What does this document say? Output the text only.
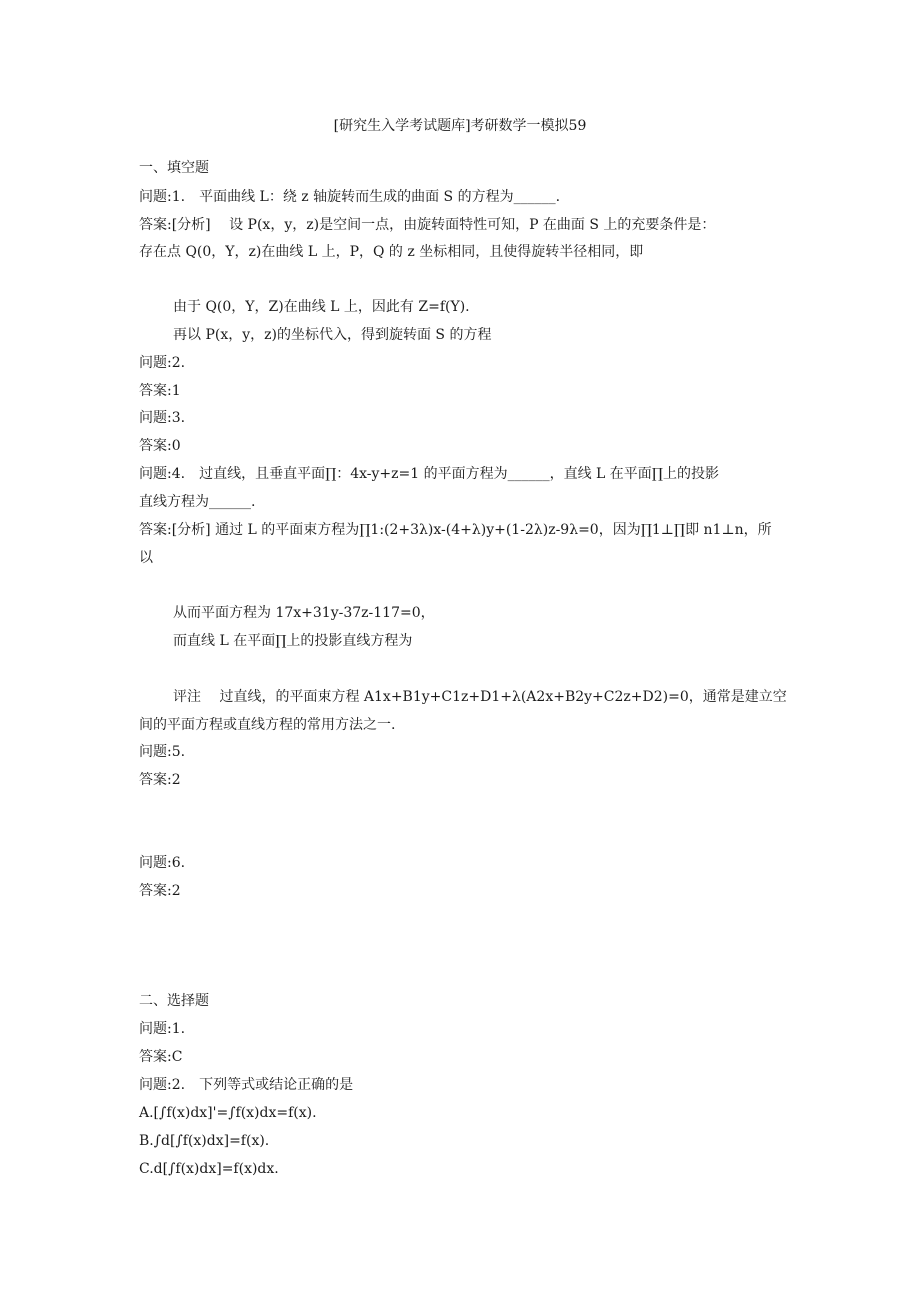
[研究生入学考试题库]考研数学一模拟59
一、填空题
问题:1.　平面曲线 L：绕 z 轴旋转而生成的曲面 S 的方程为______.
答案:[分析]　 设 P(x，y，z)是空间一点，由旋转面特性可知，P 在曲面 S 上的充要条件是：
存在点 Q(0，Y，z)在曲线 L 上，P，Q 的 z 坐标相同，且使得旋转半径相同，即
由于 Q(0，Y，Z)在曲线 L 上，因此有 Z=f(Y).
再以 P(x，y，z)的坐标代入，得到旋转面 S 的方程
问题:2.
答案:1
问题:3.
答案:0
问题:4.　过直线，且垂直平面∏：4x-y+z=1 的平面方程为______，直线 L 在平面∏上的投影
直线方程为______.
答案:[分析] 通过 L 的平面束方程为∏1:(2+3λ)x-(4+λ)y+(1-2λ)z-9λ=0，因为∏1⊥∏即 n1⊥n，所
以
从而平面方程为 17x+31y-37z-117=0，
而直线 L 在平面∏上的投影直线方程为
评注　 过直线，的平面束方程 A1x+B1y+C1z+D1+λ(A2x+B2y+C2z+D2)=0，通常是建立空
间的平面方程或直线方程的常用方法之一.
问题:5.
答案:2
问题:6.
答案:2
二、选择题
问题:1.
答案:C
问题:2.　下列等式或结论正确的是
A.[∫f(x)dx]'=∫f(x)dx=f(x).
B.∫d[∫f(x)dx]=f(x).
C.d[∫f(x)dx]=f(x)dx.
